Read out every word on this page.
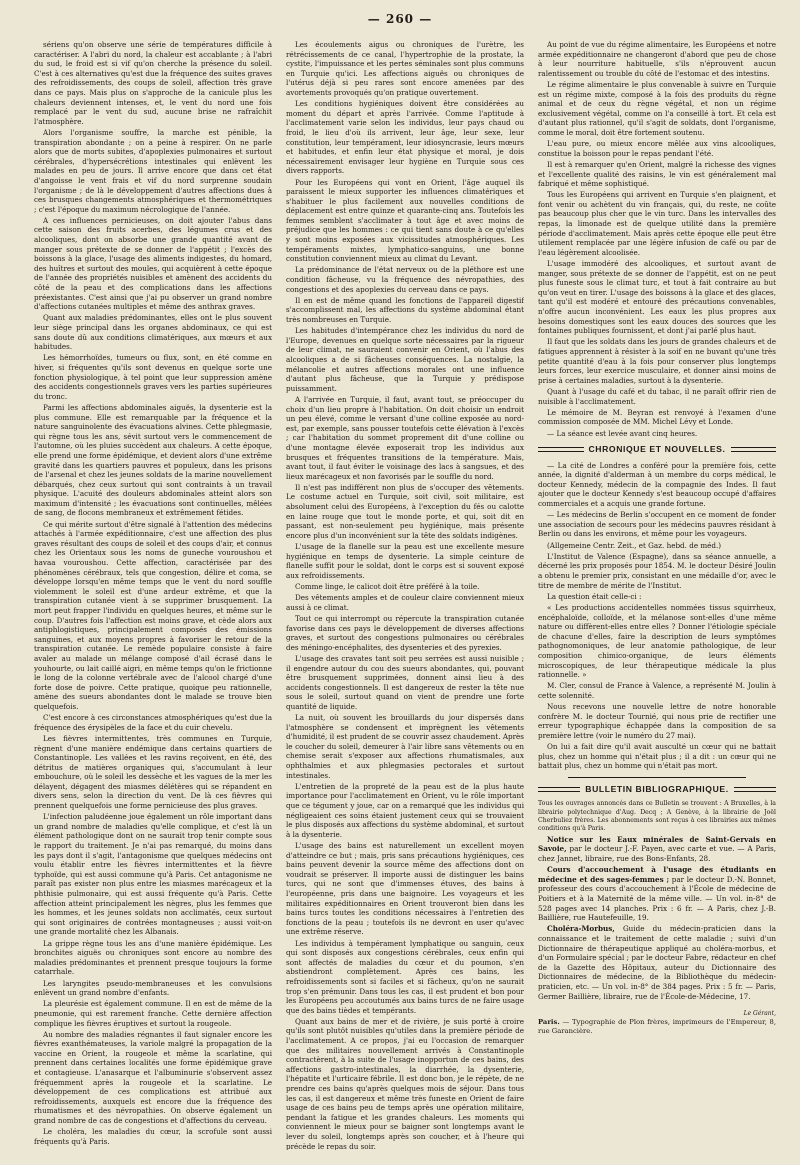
— 260 —

sériens qu'on observe une série de températures difficile à caractériser. A l'abri du nord, la chaleur est accablante ; à l'abri du sud, le froid est si vif qu'on cherche la présence du soleil. C'est à ces alternatives qu'est due la fréquence des suites graves des refroidissements, des coups de soleil, affection très grave dans ce pays. Mais plus on s'approche de la canicule plus les chaleurs deviennent intenses, et, le vent du nord une fois remplacé par le vent du sud, aucune brise ne rafraîchit l'atmosphère.

Alors l'organisme souffre, la marche est pénible, la transpiration abondante ; on a peine à respirer. On ne parle alors que de morts subites, d'apoplexies pulmonaires et surtout cérébrales, d'hypersécrétions intestinales qui enlèvent les malades en peu de jours. Il arrive encore que dans cet état d'angoisse le vent frais et vif du nord surprenne soudain l'organisme ; de là le développement d'autres affections dues à ces brusques changements atmosphériques et thermométriques ; c'est l'époque du maximum nécrologique de l'année.

A ces influences pernicieuses, on doit ajouter l'abus dans cette saison des fruits acerbes, des légumes crus et des alcooliques, dont on absorbe une grande quantité avant de manger sous prétexte de se donner de l'appétit ; l'excès des boissons à la glace, l'usage des aliments indigestes, du homard, des huîtres et surtout des moules, qui acquièrent à cette époque de l'année des propriétés nuisibles et amènent des accidents du côté de la peau et des complications dans les affections préexistantes. C'est ainsi que j'ai pu observer un grand nombre d'affections cutanées multiples et même des anthrax graves.

Quant aux maladies prédominantes, elles ont le plus souvent leur siège principal dans les organes abdominaux, ce qui est sans doute dû aux conditions climatériques, aux mœurs et aux habitudes.

Les hémorrhoïdes, tumeurs ou flux, sont, en été comme en hiver, si fréquentes qu'ils sont devenus en quelque sorte une fonction physiologique, à tel point que leur suppression amène des accidents congestionnels graves vers les parties supérieures du tronc.

Parmi les affections abdominales aiguës, la dysenterie est la plus commune. Elle est remarquable par la fréquence et la nature sanguinolente des évacuations alvines. Cette phlegmasie, qui règne tous les ans, sévit surtout vers le commencement de l'automne, où les pluies succèdent aux chaleurs. A cette époque, elle prend une forme épidémique, et devient alors d'une extrême gravité dans les quartiers pauvres et populeux, dans les prisons de l'arsenal et chez les jeunes soldats de la marine nouvellement débarqués, chez ceux surtout qui sont contraints à un travail physique. L'acuité des douleurs abdominales atteint alors son maximum d'intensité ; les évacuations sont continuelles, mêlées de sang, de flocons membraneux et extrêmement fétides.

Ce qui mérite surtout d'être signalé à l'attention des médecins attachés à l'armée expéditionnaire, c'est une affection des plus graves résultant des coups de soleil et des coups d'air, et connus chez les Orientaux sous les noms de guneche vouroushou et havaa vouroushou. Cette affection, caractérisée par des phénomènes cérébraux, tels que congestion, délire et coma, se développe lorsqu'en même temps que le vent du nord souffle violemment le soleil est d'une ardeur extrême, et que la transpiration cutanée vient à se supprimer brusquement. La mort peut frapper l'individu en quelques heures, et même sur le coup. D'autres fois l'affection est moins grave, et cède alors aux antiphlogistiques, principalement composés des émissions sanguines, et aux moyens propres à favoriser le retour de la transpiration cutanée. Le remède populaire consiste à faire avaler au malade un mélange composé d'ail écrasé dans le youhourte, ou lait caillé aigri, en même temps qu'on le frictionne le long de la colonne vertébrale avec de l'alcool chargé d'une forte dose de poivre. Cette pratique, quoique peu rationnelle, amène des sueurs abondantes dont le malade se trouve bien quelquefois.

C'est encore à ces circonstances atmosphériques qu'est due la fréquence des érysipèles de la face et du cuir chevelu.

Les fièvres intermittentes, très communes en Turquie, règnent d'une manière endémique dans certains quartiers de Constantinople. Les vallées et les ravins reçoivent, en été, des détritus de matières organiques qui, s'accumulant à leur embouchure, où le soleil les dessèche et les vagues de la mer les délayent, dégagent des miasmes délétères qui se répandent en divers sens, selon la direction du vent. De là ces fièvres qui prennent quelquefois une forme pernicieuse des plus graves.

L'infection paludéenne joue également un rôle important dans un grand nombre de maladies qu'elle complique, et c'est là un élément pathologique dont on ne saurait trop tenir compte sous le rapport du traitement. Je n'ai pas remarqué, du moins dans les pays dont il s'agit, l'antagonisme que quelques médecins ont voulu établir entre les fièvres intermittentes et la fièvre typhoïde, qui est aussi commune qu'à Paris. Cet antagonisme ne paraît pas exister non plus entre les miasmes marécageux et la phthisie pulmonaire, qui est aussi fréquente qu'à Paris. Cette affection atteint principalement les nègres, plus les femmes que les hommes, et les jeunes soldats non acclimatés, ceux surtout qui sont originaires de contrées montagneuses ; aussi voit-on une grande mortalité chez les Albanais.

La grippe règne tous les ans d'une manière épidémique. Les bronchites aiguës ou chroniques sont encore au nombre des maladies prédominantes et prennent presque toujours la forme catarrhale.

Les laryngites pseudo-membraneuses et les convulsions enlèvent un grand nombre d'enfants.

La pleurésie est également commune. Il en est de même de la pneumonie, qui est rarement franche. Cette dernière affection complique les fièvres éruptives et surtout la rougeole.

Au nombre des maladies régnantes il faut signaler encore les fièvres exanthémateuses, la variole malgré la propagation de la vaccine en Orient, la rougeole et même la scarlatine, qui prennent dans certaines localités une forme épidémique grave et contagieuse. L'anasarque et l'albuminurie s'observent assez fréquemment après la rougeole et la scarlatine. Le développement de ces complications est attribué aux refroidissements, auxquels est encore due la fréquence des rhumatismes et des névropathies. On observe également un grand nombre de cas de congestions et d'affections du cerveau.

Le choléra, les maladies du cœur, la scrofule sont aussi fréquents qu'à Paris.

Les écoulements aigus ou chroniques de l'urètre, les rétrécissements de ce canal, l'hypertrophie de la prostate, la cystite, l'impuissance et les pertes séminales sont plus communs en Turquie qu'ici. Les affections aiguës ou chroniques de l'utérus déjà si peu rares sont encore amenées par des avortements provoqués qu'on pratique ouvertement.

Les conditions hygiéniques doivent être considérées au moment du départ et après l'arrivée. Comme l'aptitude à l'acclimatement varie selon les individus, leur pays chaud ou froid, le lieu d'où ils arrivent, leur âge, leur sexe, leur constitution, leur tempérament, leur idiosyncrasie, leurs mœurs et habitudes, et enfin leur état physique et moral, je dois nécessairement envisager leur hygiène en Turquie sous ces divers rapports.

Pour les Européens qui vont en Orient, l'âge auquel ils paraissent le mieux supporter les influences climatériques et s'habituer le plus facilement aux nouvelles conditions de déplacement est entre quinze et quarante-cinq ans. Toutefois les femmes semblent s'acclimater à tout âge et avec moins de préjudice que les hommes : ce qui tient sans doute à ce qu'elles y sont moins exposées aux vicissitudes atmosphériques. Les tempéraments mixtes, lymphatico-sanguins, une bonne constitution conviennent mieux au climat du Levant.

La prédominance de l'état nerveux ou de la pléthore est une condition fâcheuse, vu la fréquence des névropathies, des congestions et des apoplexies du cerveau dans ce pays.

Il en est de même quand les fonctions de l'appareil digestif s'accomplissent mal, les affections du système abdominal étant très nombreuses en Turquie.

Les habitudes d'intempérance chez les individus du nord de l'Europe, devenues en quelque sorte nécessaires par la rigueur de leur climat, ne sauraient convenir en Orient, où l'abus des alcooliques a de si fâcheuses conséquences. La nostalgie, la mélancolie et autres affections morales ont une influence d'autant plus fâcheuse, que la Turquie y prédispose puissamment.

A l'arrivée en Turquie, il faut, avant tout, se préoccuper du choix d'un lieu propre à l'habitation. On doit choisir un endroit un peu élevé, comme le versant d'une colline exposée au nord-est, par exemple, sans pousser toutefois cette élévation à l'excès ; car l'habitation du sommet proprement dit d'une colline ou d'une montagne élevée exposerait trop les individus aux brusques et fréquentes transitions de la température. Mais, avant tout, il faut éviter le voisinage des lacs à sangsues, et des lieux marécageux et non favorisés par le souffle du nord.

Il n'est pas indifférent non plus de s'occuper des vêtements. Le costume actuel en Turquie, soit civil, soit militaire, est absolument celui des Européens, à l'exception du fés ou calotte en laine rouge que tout le monde porte, et qui, soit dit en passant, est non-seulement peu hygiénique, mais présente encore plus d'un inconvénient sur la tête des soldats indigènes.

L'usage de la flanelle sur la peau est une excellente mesure hygiénique en temps de dysenterie. La simple ceinture de flanelle suffit pour le soldat, dont le corps est si souvent exposé aux refroidissements.

Comme linge, le calicot doit être préféré à la toile.

Des vêtements amples et de couleur claire conviennent mieux aussi à ce climat.

Tout ce qui interrompt ou répercute la transpiration cutanée favorise dans ces pays le développement de diverses affections graves, et surtout des congestions pulmonaires ou cérébrales des méningo-encéphalites, des dysenteries et des pyrexies.

L'usage des cravates tant soit peu serrées est aussi nuisible ; il engendre autour du cou des sueurs abondantes, qui, pouvant être brusquement supprimées, donnent ainsi lieu à des accidents congestionnels. Il est dangereux de rester la tête nue sous le soleil, surtout quand on vient de prendre une forte quantité de liquide.

La nuit, où souvent les brouillards du jour dispersés dans l'atmosphère se condensent et imprègnent les vêtements d'humidité, il est prudent de se couvrir assez chaudement. Après le coucher du soleil, demeurer à l'air libre sans vêtements ou en chemise serait s'exposer aux affections rhumatismales, aux ophthalmies et aux phlegmasies pectorales et surtout intestinales.

L'entretien de la propreté de la peau est de la plus haute importance pour l'acclimatement en Orient, vu le rôle important que ce tégument y joue, car on a remarqué que les individus qui négligeaient ces soins étaient justement ceux qui se trouvaient le plus disposés aux affections du système abdominal, et surtout à la dysenterie.

L'usage des bains est naturellement un excellent moyen d'atteindre ce but ; mais, pris sans précautions hygiéniques, ces bains peuvent devenir la source même des affections dont on voudrait se préserver. Il importe aussi de distinguer les bains turcs, qui ne sont que d'immenses étuves, des bains à l'européenne, pris dans une baignoire. Les voyageurs et les militaires expéditionnaires en Orient trouveront bien dans les bains turcs toutes les conditions nécessaires à l'entretien des fonctions de la peau ; toutefois ils ne devront en user qu'avec une extrême réserve.

Les individus à tempérament lymphatique ou sanguin, ceux qui sont disposés aux congestions cérébrales, ceux enfin qui sont affectés de maladies du cœur et du poumon, s'en abstiendront complètement. Après ces bains, les refroidissements sont si faciles et si fâcheux, qu'on ne saurait trop s'en prémunir. Dans tous les cas, il est prudent et bon pour les Européens peu accoutumés aux bains turcs de ne faire usage que des bains tièdes et tempérants.

Quant aux bains de mer et de rivière, je suis porté à croire qu'ils sont plutôt nuisibles qu'utiles dans la première période de l'acclimatement. A ce propos, j'ai eu l'occasion de remarquer que des militaires nouvellement arrivés à Constantinople contractèrent, à la suite de l'usage inopportun de ces bains, des affections gastro-intestinales, la diarrhée, la dysenterie, l'hépatite et l'urticaire fébrile. Il est donc bon, je le répète, de ne prendre ces bains qu'après quelques mois de séjour. Dans tous les cas, il est dangereux et même très funeste en Orient de faire usage de ces bains peu de temps après une opération militaire, pendant la fatigue et les grandes chaleurs. Les moments qui conviennent le mieux pour se baigner sont longtemps avant le lever du soleil, longtemps après son coucher, et à l'heure qui précède le repas du soir.

Au point de vue du régime alimentaire, les Européens et notre armée expéditionnaire ne changeront d'abord que peu de chose à leur nourriture habituelle, s'ils n'éprouvent aucun ralentissement ou trouble du côté de l'estomac et des intestins.

Le régime alimentaire le plus convenable à suivre en Turquie est un régime mixte, composé à la fois des produits du règne animal et de ceux du règne végétal, et non un régime exclusivement végétal, comme on l'a conseillé à tort. Et cela est d'autant plus rationnel, qu'il s'agit de soldats, dont l'organisme, comme le moral, doit être fortement soutenu.

L'eau pure, ou mieux encore mêlée aux vins alcooliques, constitue la boisson pour le repas pendant l'été.

Il est à remarquer qu'en Orient, malgré la richesse des vignes et l'excellente qualité des raisins, le vin est généralement mal fabriqué et même sophistiqué.

Tous les Européens qui arrivent en Turquie s'en plaignent, et font venir ou achètent du vin français, qui, du reste, ne coûte pas beaucoup plus cher que le vin turc. Dans les intervalles des repas, la limonade est de quelque utilité dans la première période d'acclimatement. Mais après cette époque elle peut être utilement remplacée par une légère infusion de café ou par de l'eau légèrement alcoolisée.

L'usage immodéré des alcooliques, et surtout avant de manger, sous prétexte de se donner de l'appétit, est on ne peut plus funeste sous le climat turc, et tout à fait contraire au but qu'on veut en tirer. L'usage des boissons à la glace et des glaces, tant qu'il est modéré et entouré des précautions convenables, n'offre aucun inconvénient. Les eaux les plus propres aux besoins domestiques sont les eaux douces des sources que les fontaines publiques fournissent, et dont j'ai parlé plus haut.

Il faut que les soldats dans les jours de grandes chaleurs et de fatigues apprennent à résister à la soif en ne buvant qu'une très petite quantité d'eau à la fois pour conserver plus longtemps leurs forces, leur exercice musculaire, et donner ainsi moins de prise à certaines maladies, surtout à la dysenterie.

Quant à l'usage du café et du tabac, il ne paraît offrir rien de nuisible à l'acclimatement.

Le mémoire de M. Beyran est renvoyé à l'examen d'une commission composée de MM. Michel Lévy et Londe.

— La séance est levée avant cinq heures.

CHRONIQUE ET NOUVELLES.

— La cité de Londres a conféré pour la première fois, cette année, la dignité d'alderman à un membre du corps médical, le docteur Kennedy, médecin de la compagnie des Indes. Il faut ajouter que le docteur Kennedy s'est beaucoup occupé d'affaires commerciales et a acquis une grande fortune.

— Les médecins de Berlin s'occupent en ce moment de fonder une association de secours pour les médecins pauvres résidant à Berlin ou dans les environs, et même pour les voyageurs.

(Allgemeine Centr. Zeit., et Gaz. hebd. de méd.)

L'Institut de Valence (Espagne), dans sa séance annuelle, a décerné les prix proposés pour 1854. M. le docteur Désiré Joulin a obtenu le premier prix, consistant en une médaille d'or, avec le titre de membre de mérite de l'Institut.

La question était celle-ci :

« Les productions accidentelles nommées tissus squirrheux, encéphaloïde, colloïde, et la mélanose sont-elles d'une même nature ou diffèrent-elles entre elles ? Donner l'étiologie spéciale de chacune d'elles, faire la description de leurs symptômes pathognomoniques, de leur anatomie pathologique, de leur composition chimico-organique, de leurs éléments microscopiques, de leur thérapeutique médicale la plus rationnelle. »

M. Cler, consul de France à Valence, a représenté M. Joulin à cette solennité.

Nous recevons une nouvelle lettre de notre honorable confrère M. le docteur Tournié, qui nous prie de rectifier une erreur typographique échappée dans la composition de sa première lettre (voir le numéro du 27 mai).

On lui a fait dire qu'il avait ausculté un cœur qui ne battait plus, chez un homme qui n'était plus ; il a dit : un cœur qui ne battait plus, chez un homme qui n'était pas mort.

BULLETIN BIBLIOGRAPHIQUE.

Tous les ouvrages annoncés dans ce Bulletin se trouvent : A Bruxelles, à la librairie polytechnique d'Aug. Decq ; A Genève, à la librairie de Joël Cherbuliez frères. Les abonnements sont reçus à ces librairies aux mêmes conditions qu'à Paris.

Notice sur les Eaux minérales de Saint-Gervais en Savoie, par le docteur J.-F. Payen, avec carte et vue. — A Paris, chez Jannet, libraire, rue des Bons-Enfants, 28.

Cours d'accouchement à l'usage des étudiants en médecine et des sages-femmes ; par le docteur D.-N. Bonnet, professeur des cours d'accouchement à l'École de médecine de Poitiers et à la Maternité de la même ville. — Un vol. in-8° de 528 pages avec 14 planches. Prix : 6 fr. — A Paris, chez J.-B. Baillière, rue Hautefeuille, 19.

Choléra-Morbus, Guide du médecin-praticien dans la connaissance et le traitement de cette maladie ; suivi d'un Dictionnaire de thérapeutique appliqué au choléra-morbus, et d'un Formulaire spécial ; par le docteur Fabre, rédacteur en chef de la Gazette des Hôpitaux, auteur du Dictionnaire des Dictionnaires de médecine, de la Bibliothèque du médecin-praticien, etc. — Un vol. in-8° de 384 pages. Prix : 5 fr. — Paris, Germer Baillière, libraire, rue de l'École-de-Médecine, 17.

Le Gérant,
Paris. — Typographie de Plon frères, imprimeurs de l'Empereur, 8, rue Garancière.
